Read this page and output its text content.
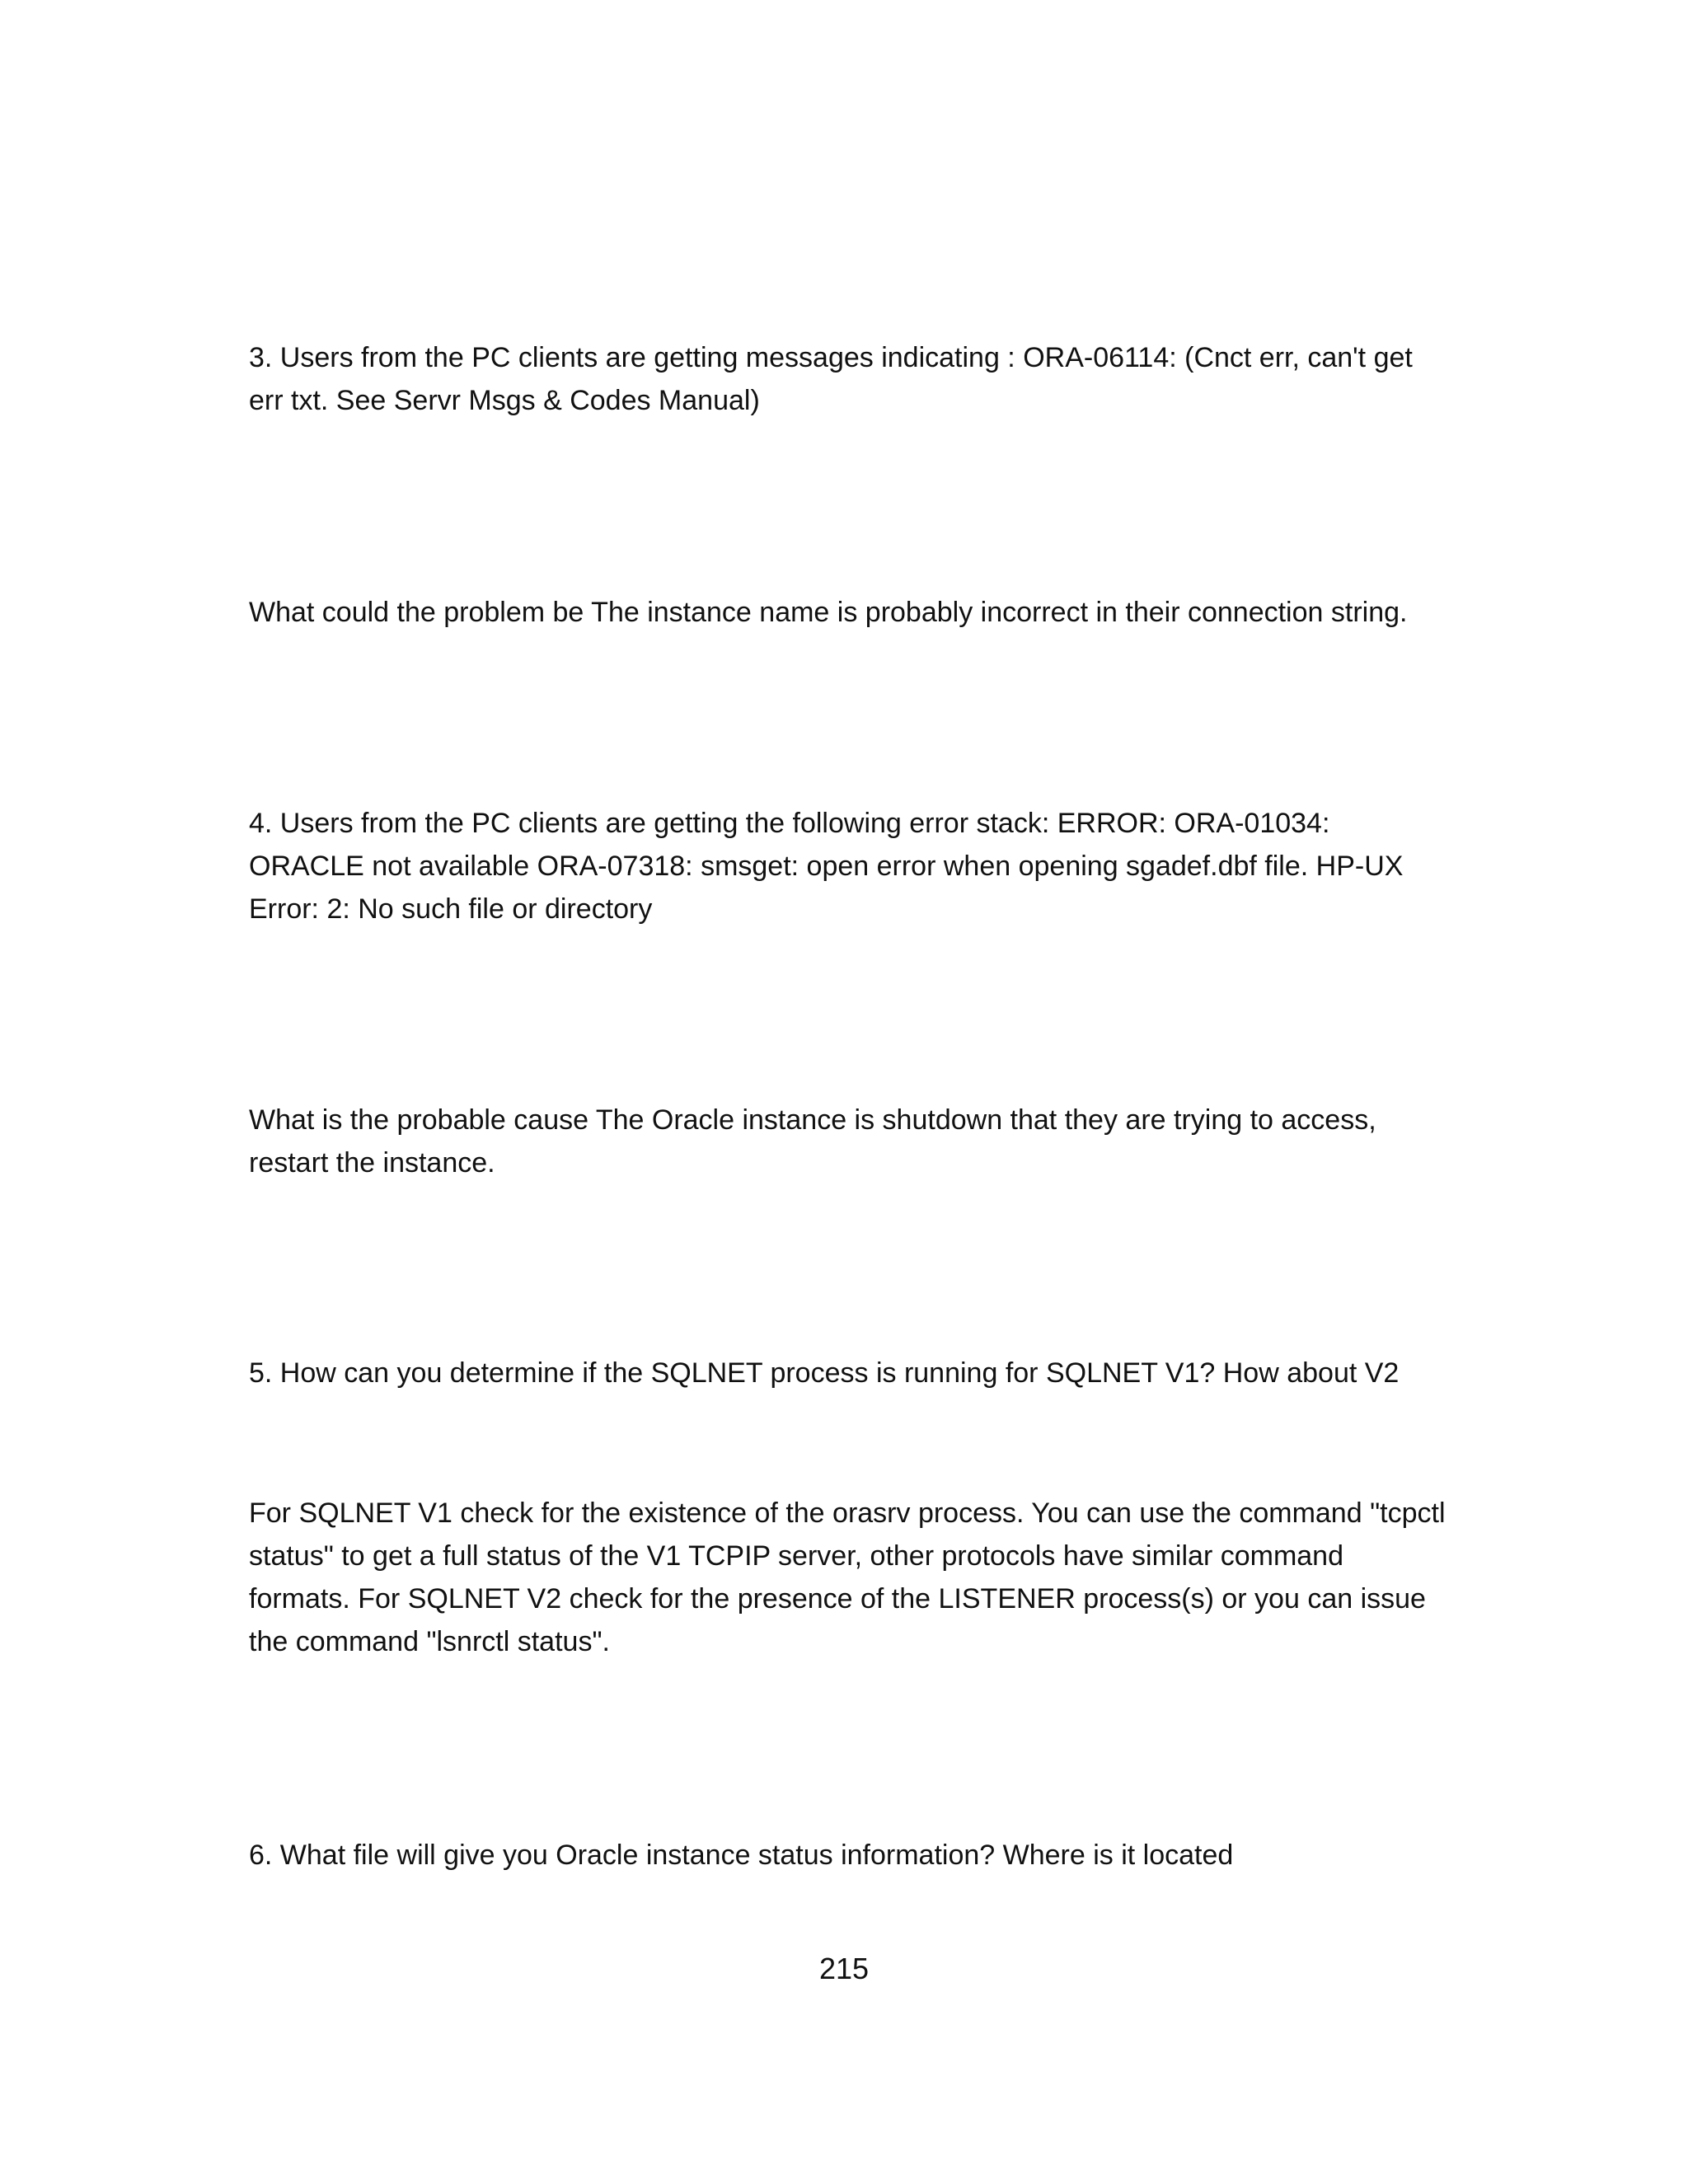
3. Users from the PC clients are getting messages indicating : ORA-06114: (Cnct err, can't get err txt. See Servr Msgs & Codes Manual)

What could the problem be The instance name is probably incorrect in their connection string.

4. Users from the PC clients are getting the following error stack: ERROR: ORA-01034: ORACLE not available ORA-07318: smsget: open error when opening sgadef.dbf file. HP-UX Error: 2: No such file or directory

What is the probable cause The Oracle instance is shutdown that they are trying to access, restart the instance.

5. How can you determine if the SQLNET process is running for SQLNET V1? How about V2

For SQLNET V1 check for the existence of the orasrv process. You can use the command "tcpctl status" to get a full status of the V1 TCPIP server, other protocols have similar command formats. For SQLNET V2 check for the presence of the LISTENER process(s) or you can issue the command "lsnrctl status".

6. What file will give you Oracle instance status information? Where is it located

215
